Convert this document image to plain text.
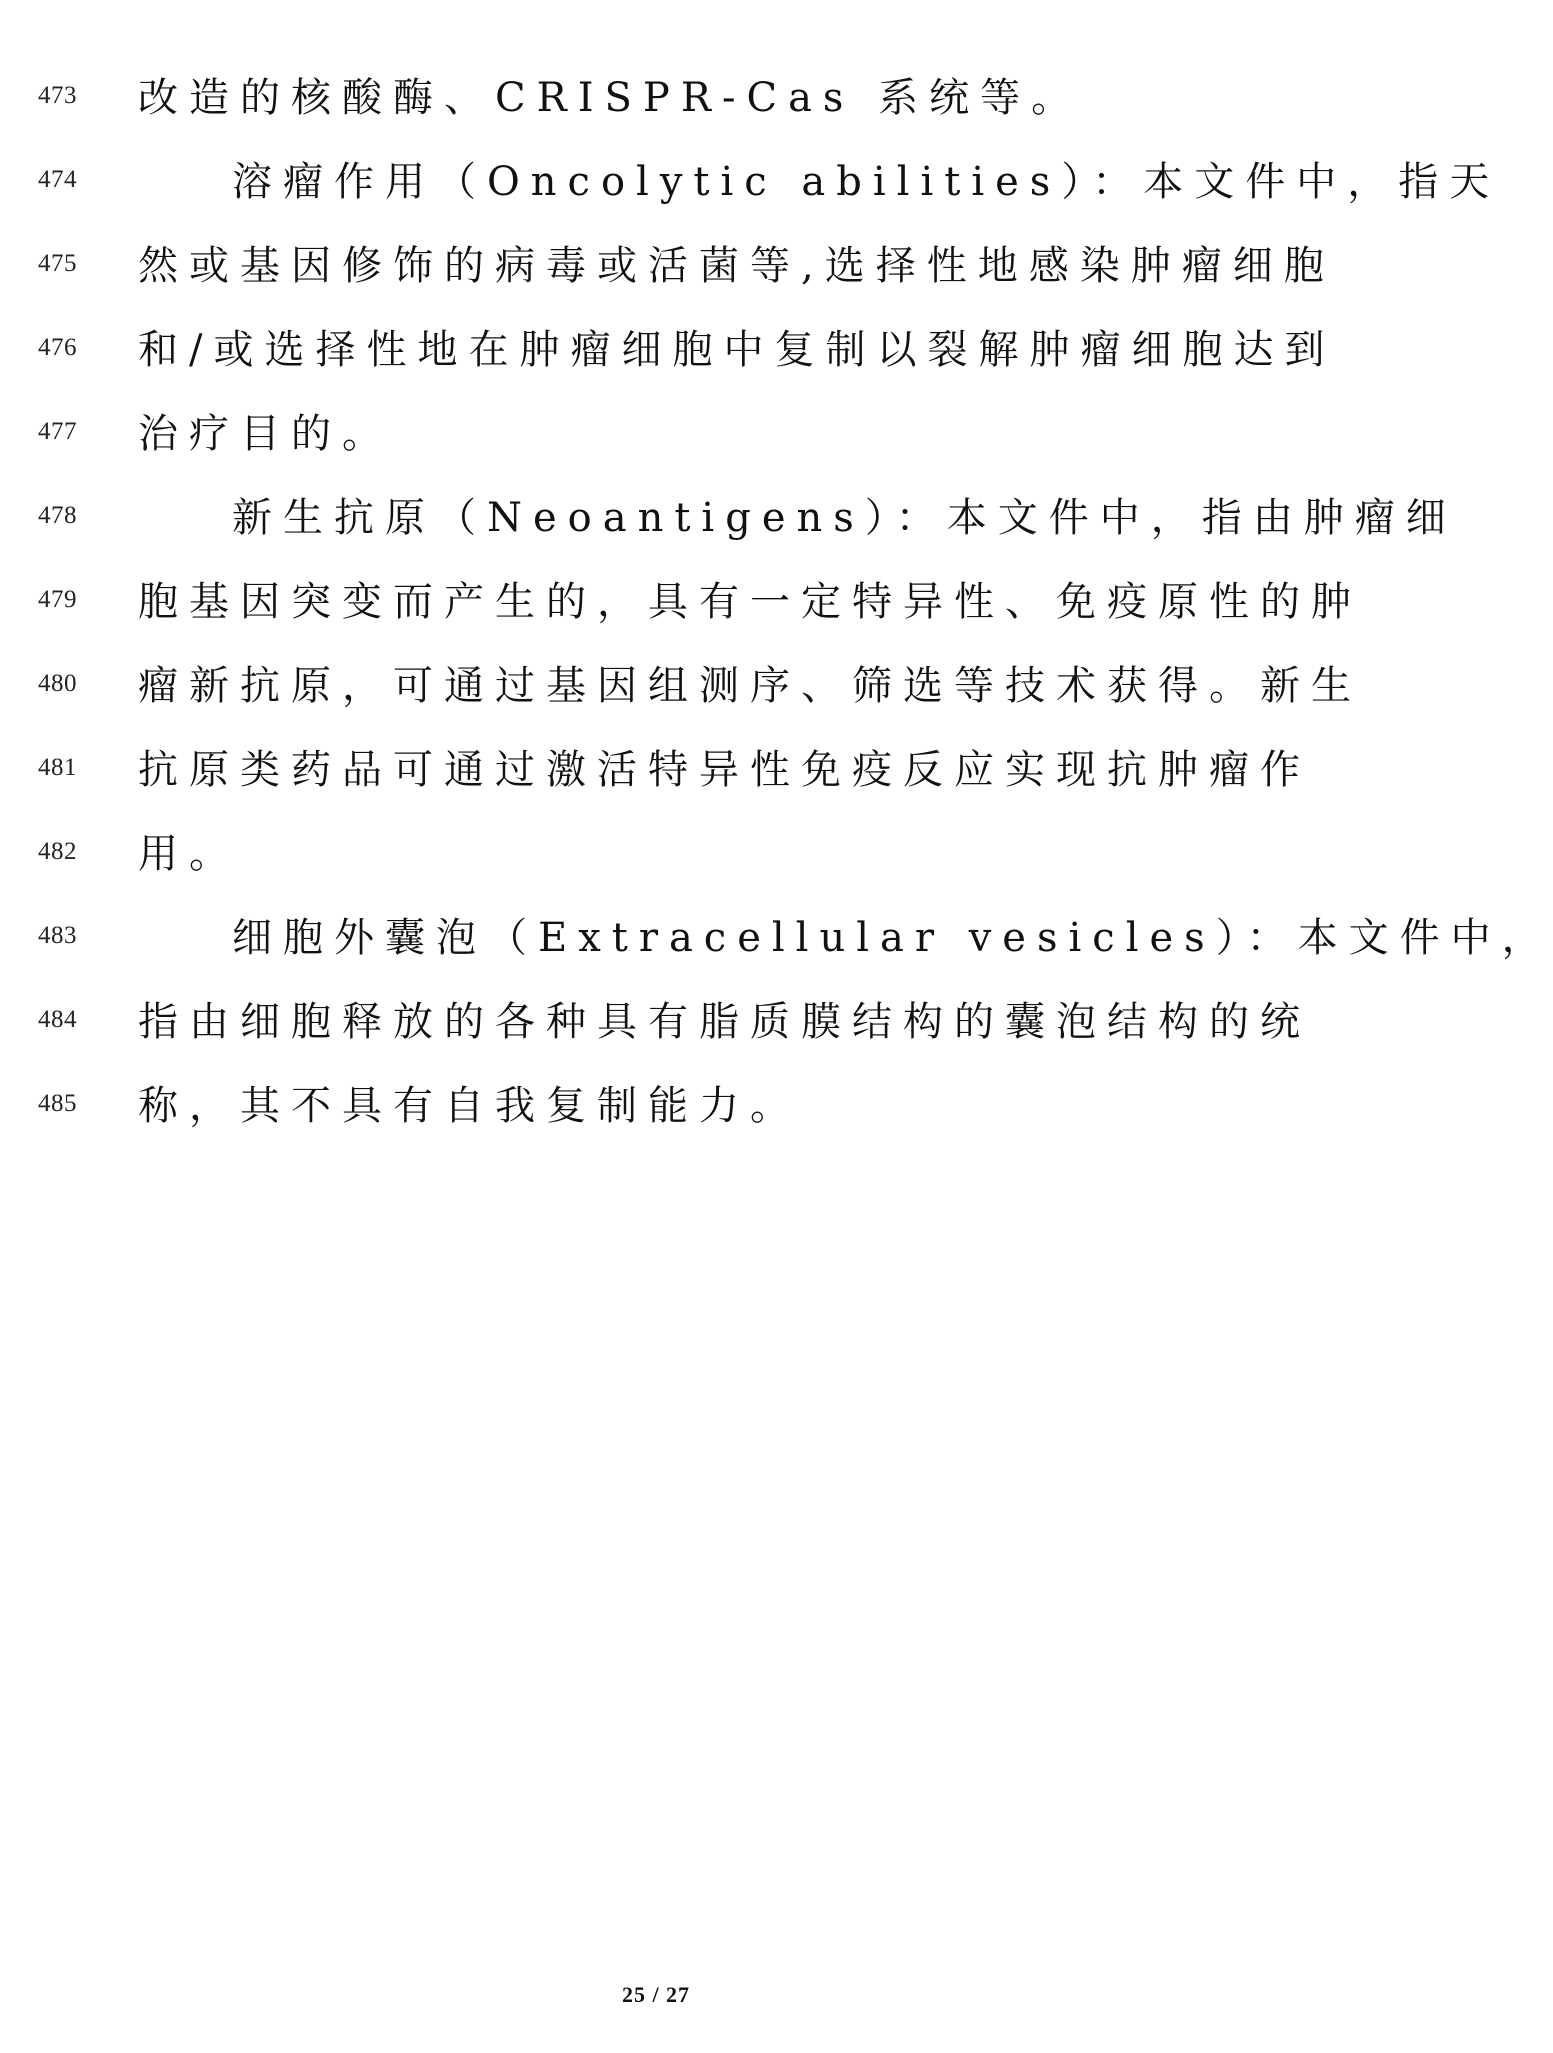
473	改造的核酸酶、CRISPR-Cas 系统等。
474	溶瘤作用（Oncolytic abilities）：本文件中，指天
475	然或基因修饰的病毒或活菌等,选择性地感染肿瘤细胞
476	和/或选择性地在肿瘤细胞中复制以裂解肿瘤细胞达到
477	治疗目的。
478	新生抗原（Neoantigens）：本文件中，指由肿瘤细
479	胞基因突变而产生的，具有一定特异性、免疫原性的肿
480	瘤新抗原，可通过基因组测序、筛选等技术获得。新生
481	抗原类药品可通过激活特异性免疫反应实现抗肿瘤作
482	用。
483	细胞外囊泡（Extracellular vesicles）：本文件中，
484	指由细胞释放的各种具有脂质膜结构的囊泡结构的统
485	称，其不具有自我复制能力。
25 / 27
